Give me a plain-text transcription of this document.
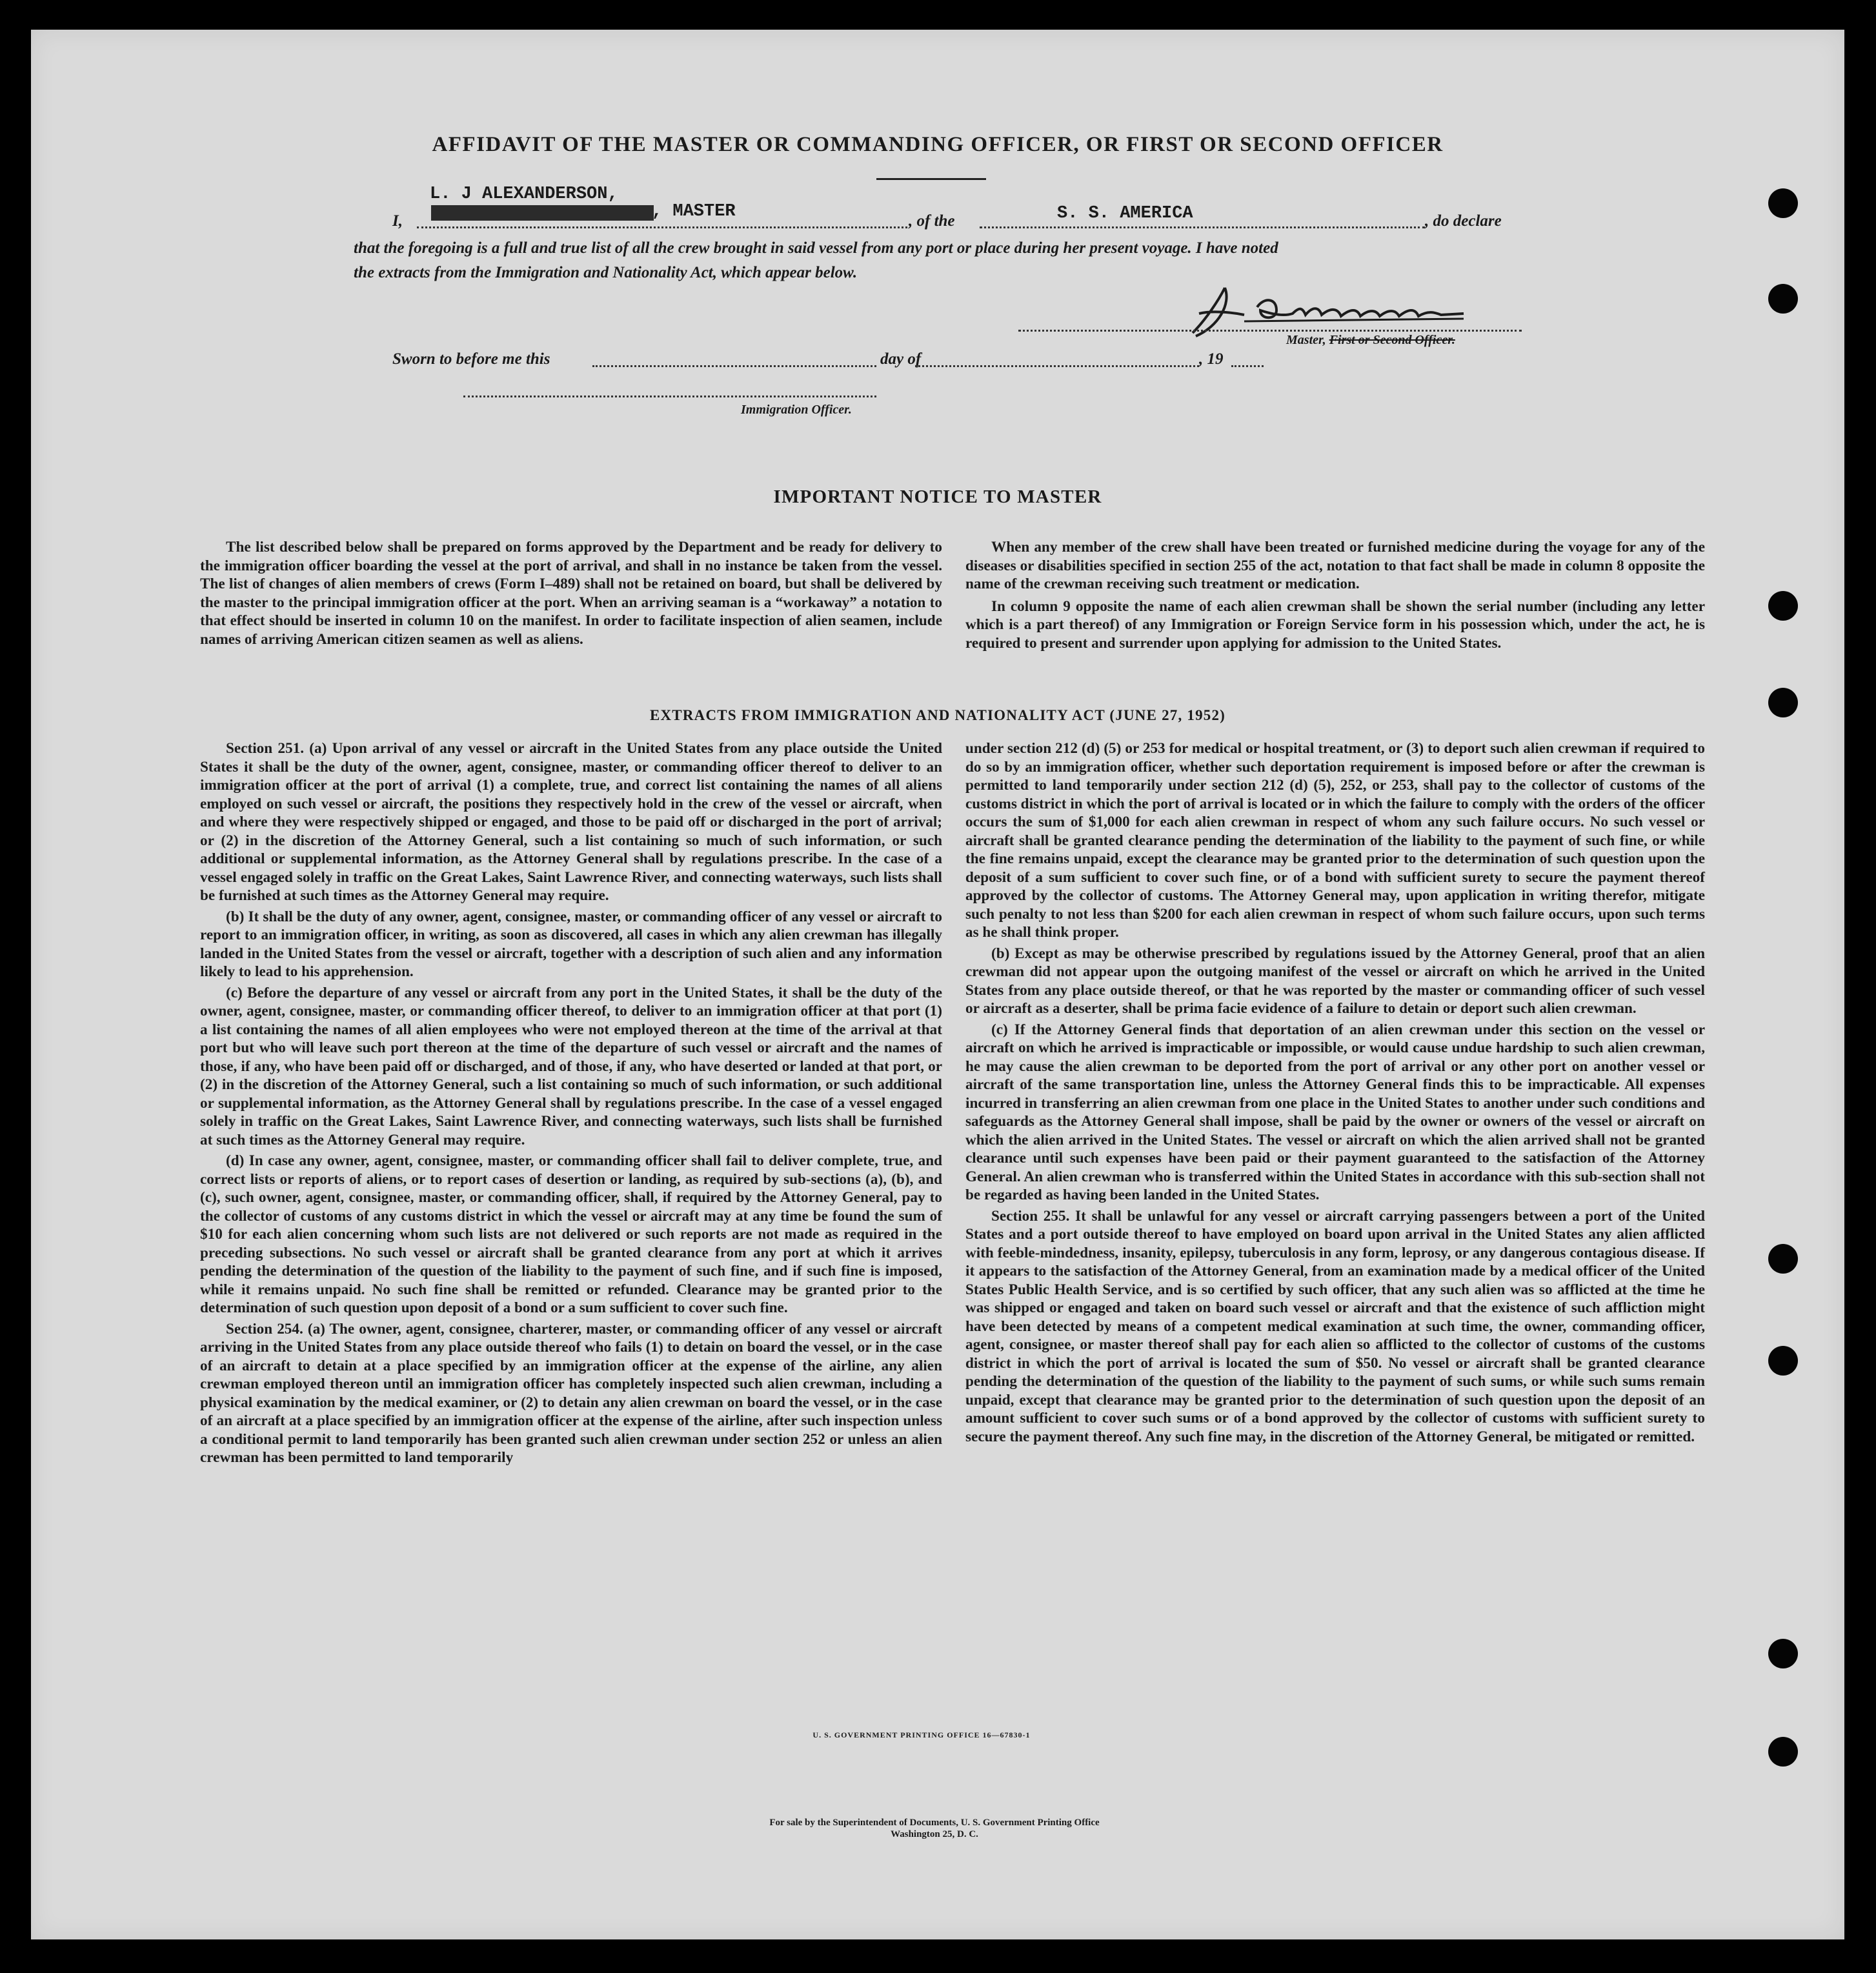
AFFIDAVIT OF THE MASTER OR COMMANDING OFFICER, OR FIRST OR SECOND OFFICER
L. J ALEXANDERSON,
, MASTER
I,	, of the	S. S. AMERICA	, do declare
that the foregoing is a full and true list of all the crew brought in said vessel from any port or place during her present voyage. I have noted
the extracts from the Immigration and Nationality Act, which appear below.
Master, First or Second Officer.
Sworn to before me this	day of	, 19
Immigration Officer.
IMPORTANT NOTICE TO MASTER

The list described below shall be prepared on forms approved by the Department and be ready for delivery to the immigration officer boarding the vessel at the port of arrival, and shall in no instance be taken from the vessel. The list of changes of alien members of crews (Form I–489) shall not be retained on board, but shall be delivered by the master to the principal immigration officer at the port. When an arriving seaman is a “workaway” a notation to that effect should be inserted in column 10 on the manifest. In order to facilitate inspection of alien seamen, include names of arriving American citizen seamen as well as aliens.

When any member of the crew shall have been treated or furnished medicine during the voyage for any of the diseases or disabilities specified in section 255 of the act, notation to that fact shall be made in column 8 opposite the name of the crewman receiving such treatment or medication.

In column 9 opposite the name of each alien crewman shall be shown the serial number (including any letter which is a part thereof) of any Immigration or Foreign Service form in his possession which, under the act, he is required to present and surrender upon applying for admission to the United States.

EXTRACTS FROM IMMIGRATION AND NATIONALITY ACT (JUNE 27, 1952)

Section 251. (a) Upon arrival of any vessel or aircraft in the United States from any place outside the United States it shall be the duty of the owner, agent, consignee, master, or commanding officer thereof to deliver to an immigration officer at the port of arrival (1) a complete, true, and correct list containing the names of all aliens employed on such vessel or aircraft, the positions they respectively hold in the crew of the vessel or aircraft, when and where they were respectively shipped or engaged, and those to be paid off or discharged in the port of arrival; or (2) in the discretion of the Attorney General, such a list containing so much of such information, or such additional or supplemental information, as the Attorney General shall by regulations prescribe. In the case of a vessel engaged solely in traffic on the Great Lakes, Saint Lawrence River, and connecting waterways, such lists shall be furnished at such times as the Attorney General may require.

(b) It shall be the duty of any owner, agent, consignee, master, or commanding officer of any vessel or aircraft to report to an immigration officer, in writing, as soon as discovered, all cases in which any alien crewman has illegally landed in the United States from the vessel or aircraft, together with a description of such alien and any information likely to lead to his apprehension.

(c) Before the departure of any vessel or aircraft from any port in the United States, it shall be the duty of the owner, agent, consignee, master, or commanding officer thereof, to deliver to an immigration officer at that port (1) a list containing the names of all alien employees who were not employed thereon at the time of the arrival at that port but who will leave such port thereon at the time of the departure of such vessel or aircraft and the names of those, if any, who have been paid off or discharged, and of those, if any, who have deserted or landed at that port, or (2) in the discretion of the Attorney General, such a list containing so much of such information, or such additional or supplemental information, as the Attorney General shall by regulations prescribe. In the case of a vessel engaged solely in traffic on the Great Lakes, Saint Lawrence River, and connecting waterways, such lists shall be furnished at such times as the Attorney General may require.

(d) In case any owner, agent, consignee, master, or commanding officer shall fail to deliver complete, true, and correct lists or reports of aliens, or to report cases of desertion or landing, as required by sub-sections (a), (b), and (c), such owner, agent, consignee, master, or commanding officer, shall, if required by the Attorney General, pay to the collector of customs of any customs district in which the vessel or aircraft may at any time be found the sum of $10 for each alien concerning whom such lists are not delivered or such reports are not made as required in the preceding subsections. No such vessel or aircraft shall be granted clearance from any port at which it arrives pending the determination of the question of the liability to the payment of such fine, and if such fine is imposed, while it remains unpaid. No such fine shall be remitted or refunded. Clearance may be granted prior to the determination of such question upon deposit of a bond or a sum sufficient to cover such fine.

Section 254. (a) The owner, agent, consignee, charterer, master, or commanding officer of any vessel or aircraft arriving in the United States from any place outside thereof who fails (1) to detain on board the vessel, or in the case of an aircraft to detain at a place specified by an immigration officer at the expense of the airline, any alien crewman employed thereon until an immigration officer has completely inspected such alien crewman, including a physical examination by the medical examiner, or (2) to detain any alien crewman on board the vessel, or in the case of an aircraft at a place specified by an immigration officer at the expense of the airline, after such inspection unless a conditional permit to land temporarily has been granted such alien crewman under section 252 or unless an alien crewman has been permitted to land temporarily

under section 212 (d) (5) or 253 for medical or hospital treatment, or (3) to deport such alien crewman if required to do so by an immigration officer, whether such deportation requirement is imposed before or after the crewman is permitted to land temporarily under section 212 (d) (5), 252, or 253, shall pay to the collector of customs of the customs district in which the port of arrival is located or in which the failure to comply with the orders of the officer occurs the sum of $1,000 for each alien crewman in respect of whom any such failure occurs. No such vessel or aircraft shall be granted clearance pending the determination of the liability to the payment of such fine, or while the fine remains unpaid, except the clearance may be granted prior to the determination of such question upon the deposit of a sum sufficient to cover such fine, or of a bond with sufficient surety to secure the payment thereof approved by the collector of customs. The Attorney General may, upon application in writing therefor, mitigate such penalty to not less than $200 for each alien crewman in respect of whom such failure occurs, upon such terms as he shall think proper.

(b) Except as may be otherwise prescribed by regulations issued by the Attorney General, proof that an alien crewman did not appear upon the outgoing manifest of the vessel or aircraft on which he arrived in the United States from any place outside thereof, or that he was reported by the master or commanding officer of such vessel or aircraft as a deserter, shall be prima facie evidence of a failure to detain or deport such alien crewman.

(c) If the Attorney General finds that deportation of an alien crewman under this section on the vessel or aircraft on which he arrived is impracticable or impossible, or would cause undue hardship to such alien crewman, he may cause the alien crewman to be deported from the port of arrival or any other port on another vessel or aircraft of the same transportation line, unless the Attorney General finds this to be impracticable. All expenses incurred in transferring an alien crewman from one place in the United States to another under such conditions and safeguards as the Attorney General shall impose, shall be paid by the owner or owners of the vessel or aircraft on which the alien arrived in the United States. The vessel or aircraft on which the alien arrived shall not be granted clearance until such expenses have been paid or their payment guaranteed to the satisfaction of the Attorney General. An alien crewman who is transferred within the United States in accordance with this sub-section shall not be regarded as having been landed in the United States.

Section 255. It shall be unlawful for any vessel or aircraft carrying passengers between a port of the United States and a port outside thereof to have employed on board upon arrival in the United States any alien afflicted with feeble-mindedness, insanity, epilepsy, tuberculosis in any form, leprosy, or any dangerous contagious disease. If it appears to the satisfaction of the Attorney General, from an examination made by a medical officer of the United States Public Health Service, and is so certified by such officer, that any such alien was so afflicted at the time he was shipped or engaged and taken on board such vessel or aircraft and that the existence of such affliction might have been detected by means of a competent medical examination at such time, the owner, commanding officer, agent, consignee, or master thereof shall pay for each alien so afflicted to the collector of customs of the customs district in which the port of arrival is located the sum of $50. No vessel or aircraft shall be granted clearance pending the determination of the question of the liability to the payment of such sums, or while such sums remain unpaid, except that clearance may be granted prior to the determination of such question upon the deposit of an amount sufficient to cover such sums or of a bond approved by the collector of customs with sufficient surety to secure the payment thereof. Any such fine may, in the discretion of the Attorney General, be mitigated or remitted.

U. S. GOVERNMENT PRINTING OFFICE 16—67830-1
For sale by the Superintendent of Documents, U. S. Government Printing Office
Washington 25, D. C.
